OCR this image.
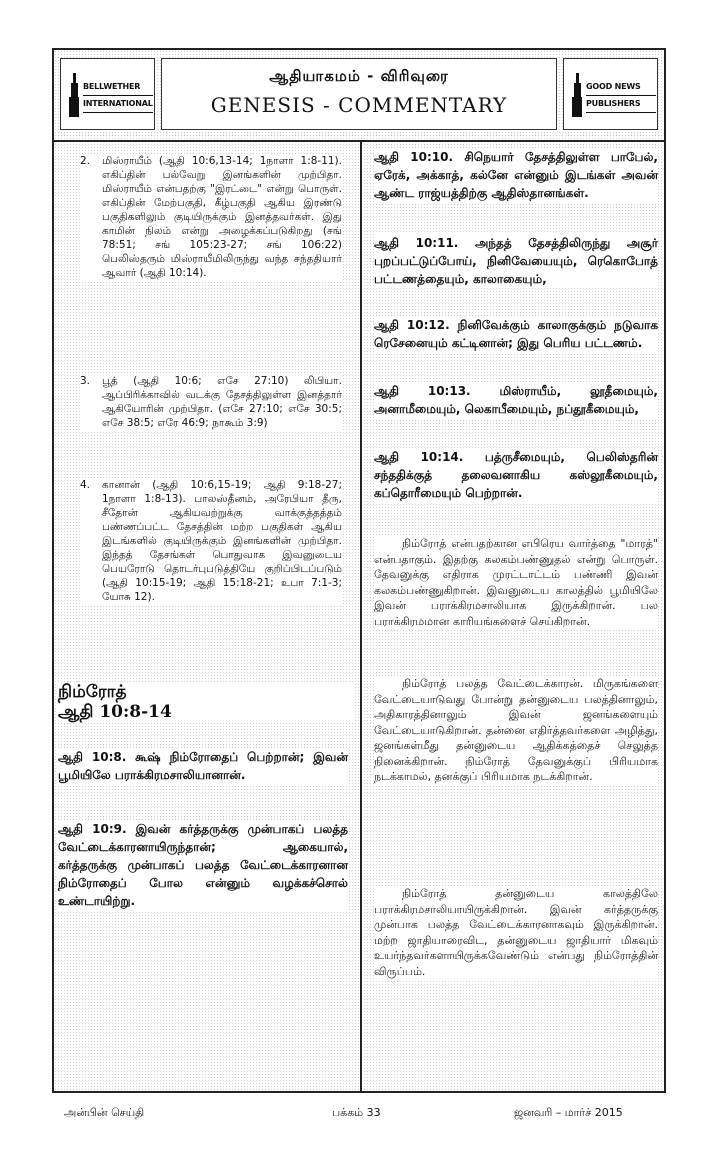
BELLWETHER
INTERNATIONAL
ஆதியாகமம் - விரிவுரை
GENESIS - COMMENTARY
GOOD NEWS
PUBLISHERS
2. மிஸ்ராயீம் (ஆதி 10:6,13-14; 1நாளா 1:8-11). எகிப்தின் பல்வேறு இனங்களின் முற்பிதா. மிஸ்ராயீம் என்பதற்கு "இரட்டை" என்று பொருள். எகிப்தின் மேற்பகுதி, கீழ்பகுதி ஆகிய இரண்டு பகுதிகளிலும் குடியிருக்கும் இனத்தவர்கள். இது காமின் நிலம் என்று அழைக்கப்படுகிறது (சங் 78:51; சங் 105:23-27; சங் 106:22) பெலிஸ்தரும் மிஸ்ராயீமிலிருந்து வந்த சந்ததியார் ஆவார் (ஆதி 10:14).

3. பூத் (ஆதி 10:6; எசே 27:10) லிபியா. ஆப்பிரிக்காவில் வடக்கு தேசத்திலுள்ள இனத்தார் ஆகியோரின் முற்பிதா. (எசே 27:10; எசே 30:5; எசே 38:5; எரே 46:9; நாகூம் 3:9)

4. கானான் (ஆதி 10:6,15-19; ஆதி 9:18-27; 1நாளா 1:8-13). பாலஸ்தீனம், அரேபியா தீரு, சீதோன் ஆகியவற்றுக்கு வாக்குத்தத்தம் பண்ணப்பட்ட தேசத்தின் மற்ற பகுதிகள் ஆகிய இடங்களில் குடியிருக்கும் இனங்களின் முற்பிதா. இந்தத் தேசங்கள் பொதுவாக இவனுடைய பெயரோடு தொடர்புபடுத்தியே குறிப்பிடப்படும் (ஆதி 10:15-19; ஆதி 15:18-21; உபா 7:1-3; யோசு 12).

நிம்ரோத்
ஆதி 10:8-14

ஆதி 10:8. கூஷ் நிம்ரோதைப் பெற்றான்; இவன் பூமியிலே பராக்கிரமசாலியானான்.

ஆதி 10:9. இவன் கர்த்தருக்கு முன்பாகப் பலத்த வேட்டைக்காரனாயிருந்தான்; ஆகையால், கர்த்தருக்கு முன்பாகப் பலத்த வேட்டைக்காரனான நிம்ரோதைப் போல என்னும் வழக்கச்சொல் உண்டாயிற்று.

ஆதி 10:10. சிநெயார் தேசத்திலுள்ள பாபேல், ஏரேக், அக்காத், கல்னே என்னும் இடங்கள் அவன் ஆண்ட ராஜ்யத்திற்கு ஆதிஸ்தானங்கள்.

ஆதி 10:11. அந்தத் தேசத்திலிருந்து அசூர் புறப்பட்டுப்போய், நினிவேயையும், ரெகொபோத் பட்டணத்தையும், காலாகையும்,

ஆதி 10:12. நினிவேக்கும் காலாகுக்கும் நடுவாக ரெசேனையும் கட்டினான்; இது பெரிய பட்டணம்.

ஆதி 10:13. மிஸ்ராயீம், லூதீமையும், அனாமீமையும், லெகாபீமையும், நப்தூகீமையும்,

ஆதி 10:14. பத்ருசீமையும், பெலிஸ்தரின் சந்ததிக்குத் தலைவனாகிய கஸ்லூகீமையும், கப்தொரீமையும் பெற்றான்.

நிம்ரோத் என்பதற்கான எபிரெய வார்த்தை "மாரத்" என்பதாகும். இதற்கு கலகம்பண்ணுதல் என்று பொருள். தேவனுக்கு எதிராக முரட்டாட்டம் பண்ணி இவன் கலகம்பண்ணுகிறான். இவனுடைய காலத்தில் பூமியிலே இவன் பராக்கிரமசாலியாக இருக்கிறான். பல பராக்கிரமமான காரியங்களைச் செய்கிறான்.

நிம்ரோத் பலத்த வேட்டைக்காரன். மிருகங்களை வேட்டையாடுவது போன்று தன்னுடைய பலத்தினாலும், அதிகாரத்தினாலும் இவன் ஜனங்களையும் வேட்டையாடுகிறான். தன்னை எதிர்த்தவர்களை அழித்து, ஜனங்கள்மீது தன்னுடைய ஆதிக்கத்தைச் செலுத்த நினைக்கிறான். நிம்ரோத் தேவனுக்குப் பிரியமாக நடக்காமல், தனக்குப் பிரியமாக நடக்கிறான்.

நிம்ரோத் தன்னுடைய காலத்திலே பராக்கிரமசாலியாயிருக்கிறான். இவன் கர்த்தருக்கு முன்பாக பலத்த வேட்டைக்காரனாகவும் இருக்கிறான். மற்ற ஜாதியாரைவிட, தன்னுடைய ஜாதியார் மிகவும் உயர்ந்தவர்களாயிருக்கவேண்டும் என்பது நிம்ரோத்தின் விருப்பம்.

அன்பின் செய்தி	பக்கம் 33	ஜனவரி – மார்ச் 2015
